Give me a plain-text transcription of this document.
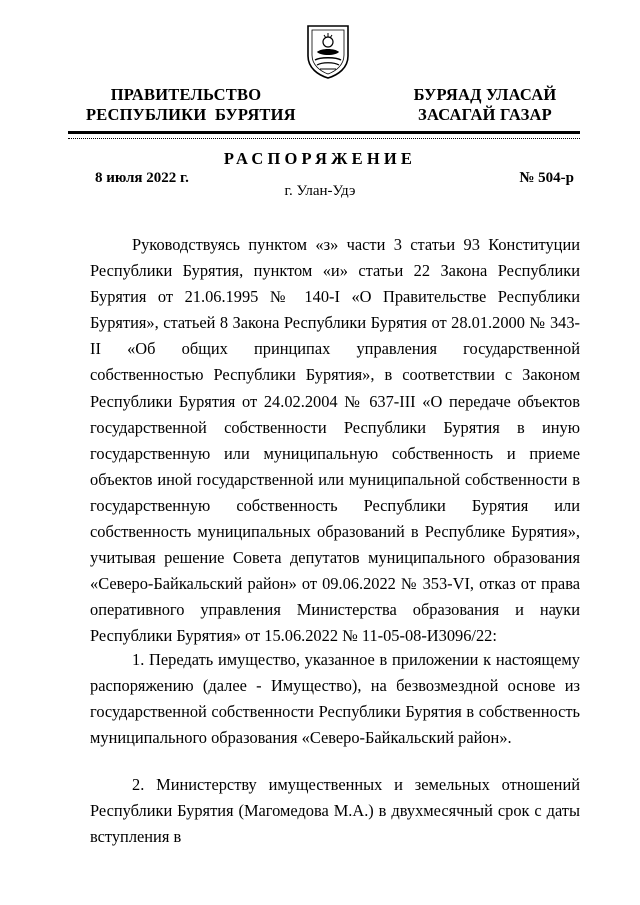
ПРАВИТЕЛЬСТВО
РЕСПУБЛИКИ  БУРЯТИЯ
БУРЯАД УЛАСАЙ
ЗАСАГАЙ ГАЗАР
РАСПОРЯЖЕНИЕ
8 июля 2022 г.	№ 504-р
г. Улан-Удэ

Руководствуясь пунктом «з» части 3 статьи 93 Конституции Республики Бурятия, пунктом «и» статьи 22 Закона Республики Бурятия от 21.06.1995 № 140-I «О Правительстве Республики Бурятия», статьей 8 Закона Республики Бурятия от 28.01.2000 № 343-II «Об общих принципах управления государственной собственностью Республики Бурятия», в соответствии с Законом Республики Бурятия от 24.02.2004 № 637-III «О передаче объектов государственной собственности Республики Бурятия в иную государственную или муниципальную собственность и приеме объектов иной государственной или муниципальной собственности в государственную собственность Республики Бурятия или собственность муниципальных образований в Республике Бурятия», учитывая решение Совета депутатов муниципального образования «Северо-Байкальский район» от 09.06.2022 № 353-VI, отказ от права оперативного управления Министерства образования и науки Республики Бурятия» от 15.06.2022 № 11-05-08-И3096/22:

1. Передать имущество, указанное в приложении к настоящему распоряжению (далее - Имущество), на безвозмездной основе из государственной собственности Республики Бурятия в собственность муниципального образования «Северо-Байкальский район».

2. Министерству имущественных и земельных отношений Республики Бурятия (Магомедова М.А.) в двухмесячный срок с даты вступления в
